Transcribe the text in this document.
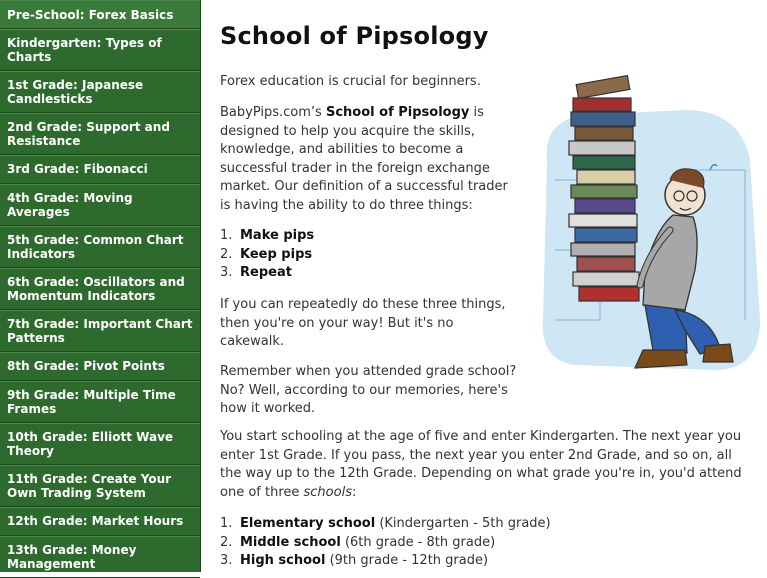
Pre-School: Forex Basics
Kindergarten: Types of Charts
1st Grade: Japanese Candlesticks
2nd Grade: Support and Resistance
3rd Grade: Fibonacci
4th Grade: Moving Averages
5th Grade: Common Chart Indicators
6th Grade: Oscillators and Momentum Indicators
7th Grade: Important Chart Patterns
8th Grade: Pivot Points
9th Grade: Multiple Time Frames
10th Grade: Elliott Wave Theory
11th Grade: Create Your Own Trading System
12th Grade: Market Hours
13th Grade: Money Management
School of Pipsology
Forex education is crucial for beginners.
BabyPips.com’s School of Pipsology is designed to help you acquire the skills, knowledge, and abilities to become a successful trader in the foreign exchange market. Our definition of a successful trader is having the ability to do three things:
1. Make pips
2. Keep pips
3. Repeat
If you can repeatedly do these three things, then you're on your way! But it's no cakewalk.
Remember when you attended grade school? No? Well, according to our memories, here's how it worked.
You start schooling at the age of five and enter Kindergarten. The next year you enter 1st Grade. If you pass, the next year you enter 2nd Grade, and so on, all the way up to the 12th Grade. Depending on what grade you're in, you'd attend one of three schools:
1. Elementary school (Kindergarten - 5th grade)
2. Middle school (6th grade - 8th grade)
3. High school (9th grade - 12th grade)
